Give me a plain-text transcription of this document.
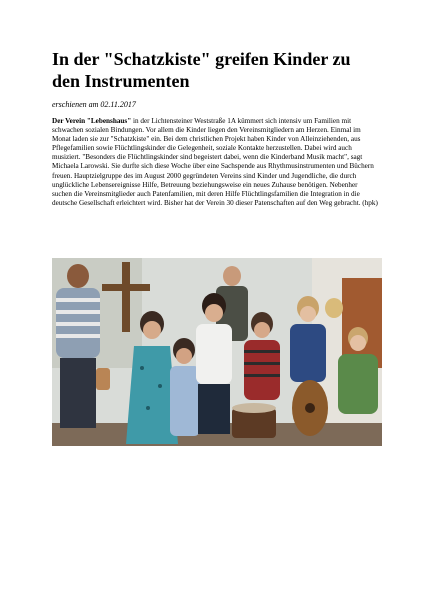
In der "Schatzkiste" greifen Kinder zu den Instrumenten
erschienen am 02.11.2017

Der Verein "Lebenshaus" in der Lichtensteiner Weststraße 1A kümmert sich intensiv um Familien mit schwachen sozialen Bindungen. Vor allem die Kinder liegen den Vereinsmitgliedern am Herzen. Einmal im Monat laden sie zur "Schatzkiste" ein. Bei dem christlichen Projekt haben Kinder von Alleinziehenden, aus Pflegefamilien sowie Flüchtlingskinder die Gelegenheit, soziale Kontakte herzustellen. Dabei wird auch musiziert. "Besonders die Flüchtlingskinder sind begeistert dabei, wenn die Kinderband Musik macht", sagt Michaela Larowski. Sie durfte sich diese Woche über eine Sachspende aus Rhythmusinstrumenten und Büchern freuen. Hauptzielgruppe des im August 2000 gegründeten Vereins sind Kinder und Jugendliche, die durch unglückliche Lebensereignisse Hilfe, Betreuung beziehungsweise ein neues Zuhause benötigen. Nebenher suchen die Vereinsmitglieder auch Patenfamilien, mit deren Hilfe Flüchtlingsfamilien die Integration in die deutsche Gesellschaft erleichtert wird. Bisher hat der Verein 30 dieser Patenschaften auf den Weg gebracht. (hpk)
